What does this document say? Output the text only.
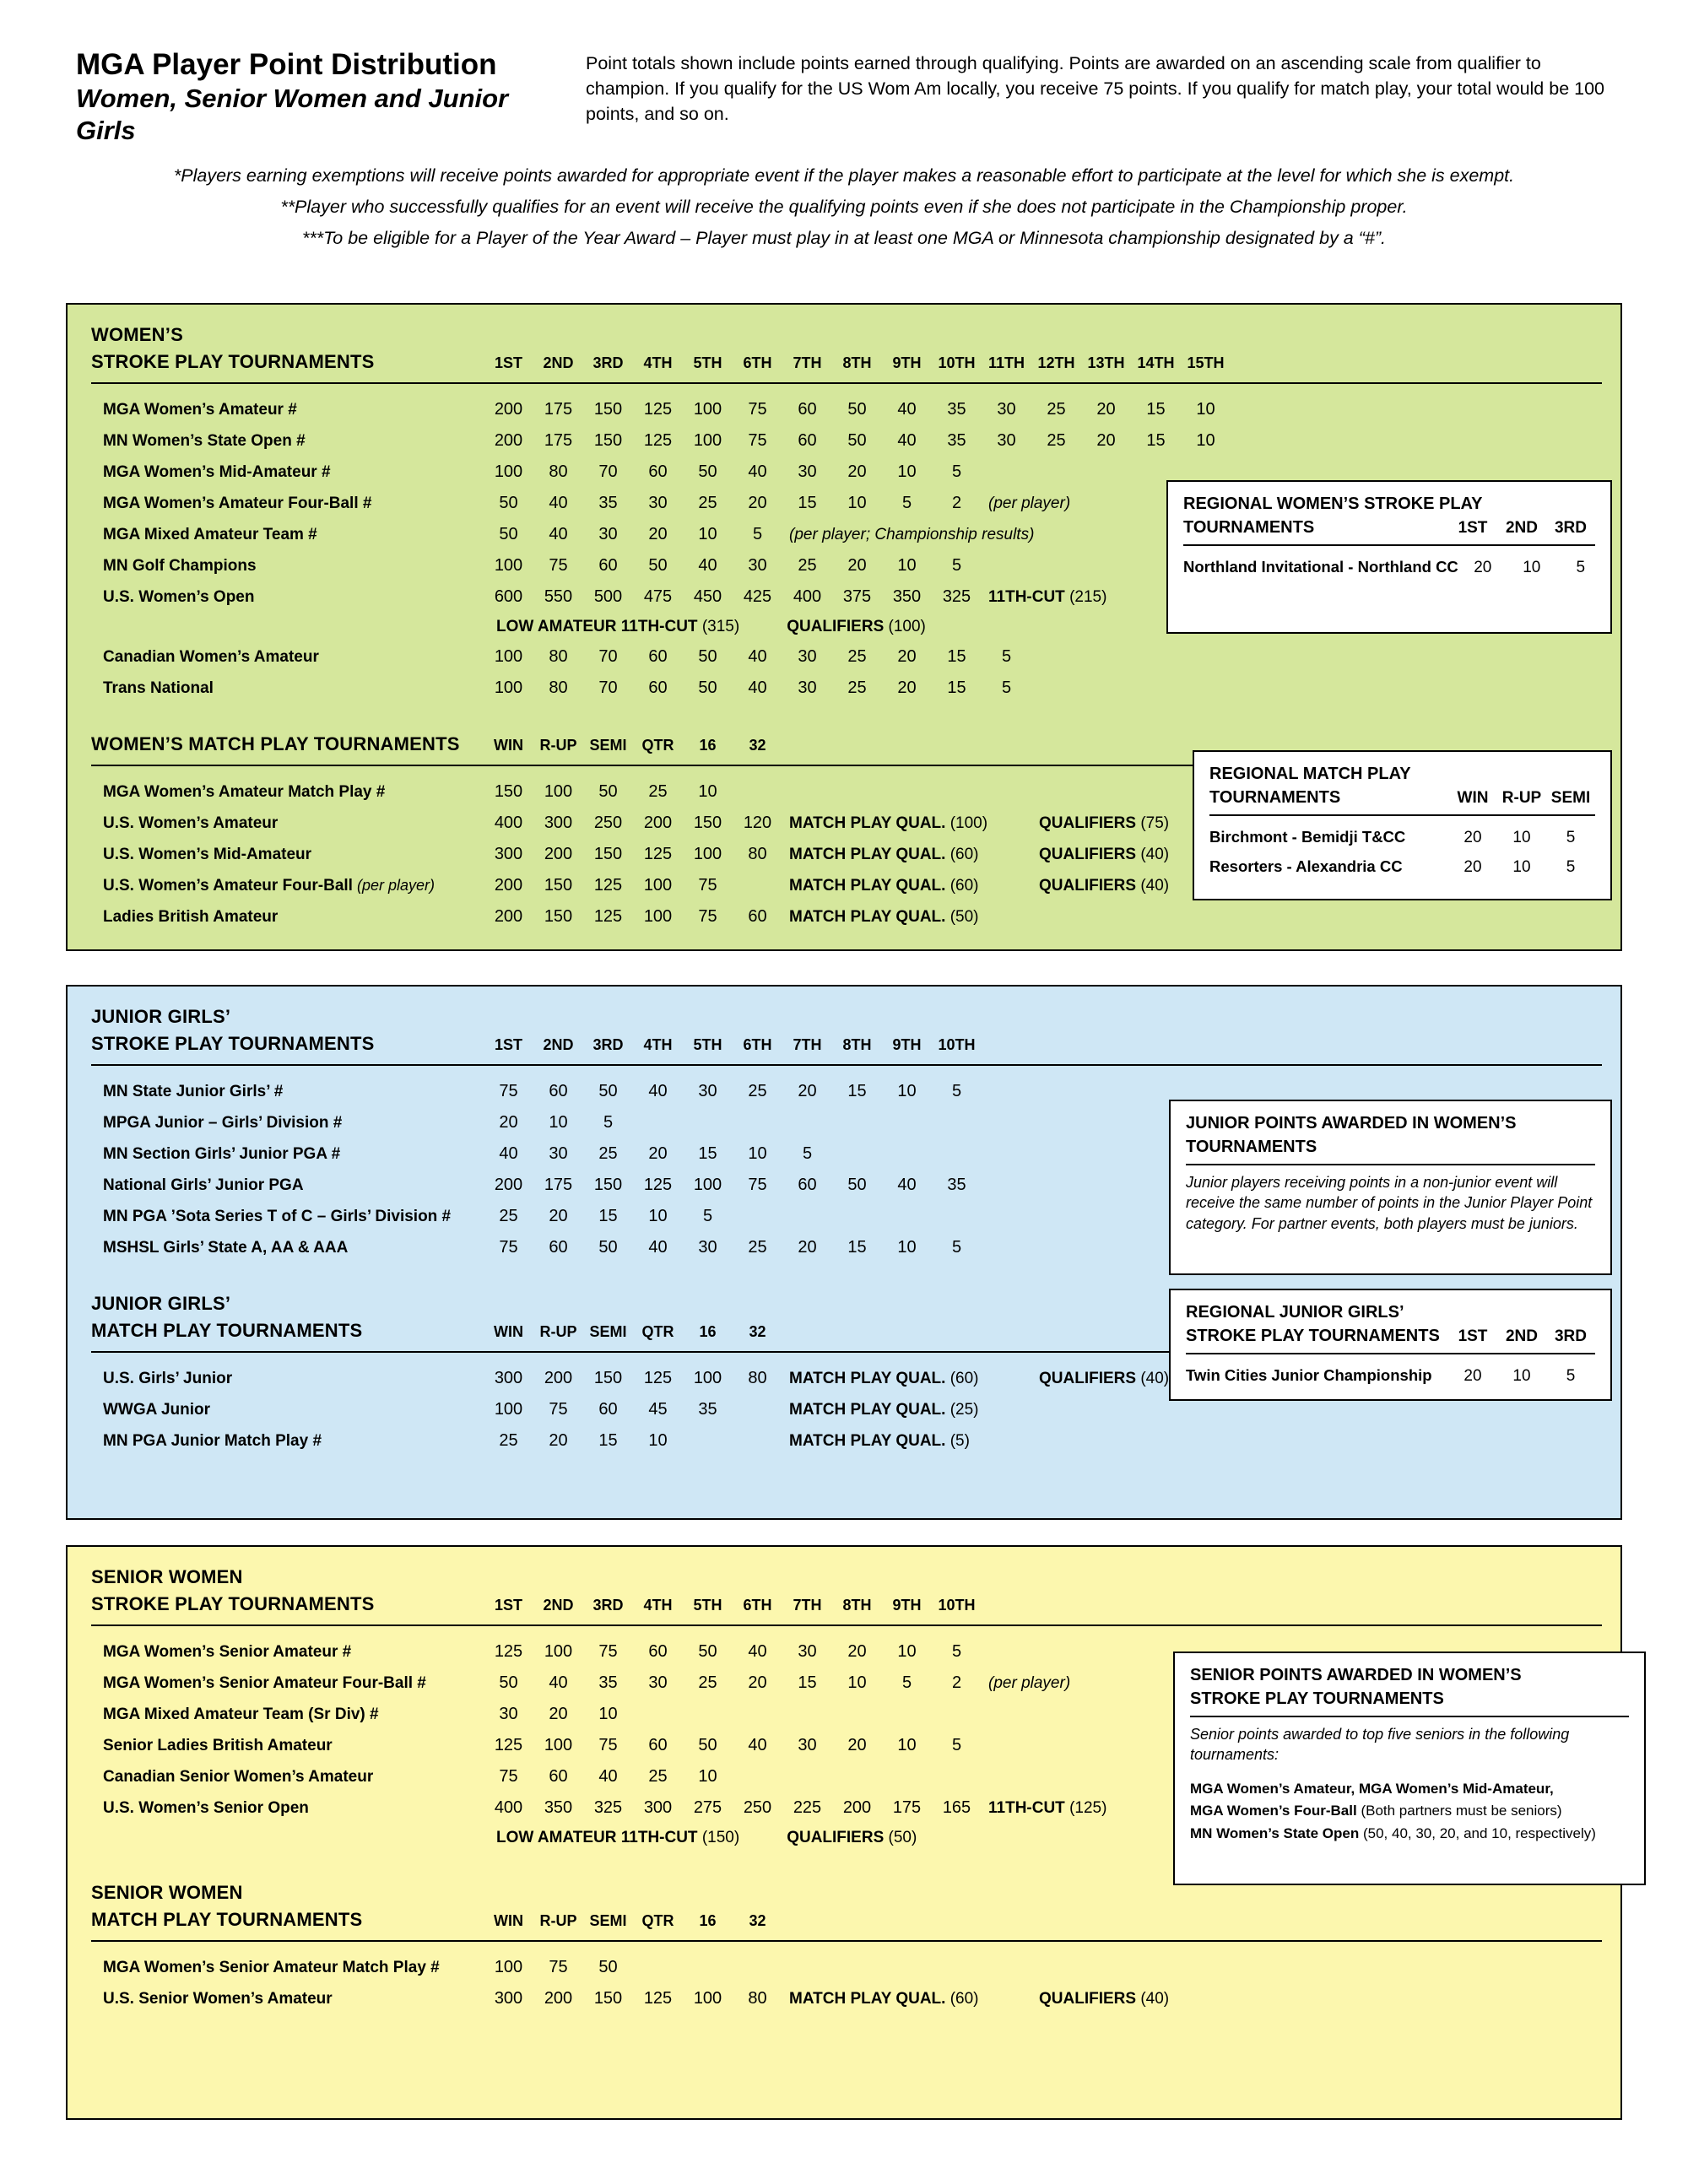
MGA Player Point Distribution
Women, Senior Women and Junior Girls
Point totals shown include points earned through qualifying. Points are awarded on an ascending scale from qualifier to champion. If you qualify for the US Wom Am locally, you receive 75 points. If you qualify for match play, your total would be 100 points, and so on.
*Players earning exemptions will receive points awarded for appropriate event if the player makes a reasonable effort to participate at the level for which she is exempt.
**Player who successfully qualifies for an event will receive the qualifying points even if she does not participate in the Championship proper.
***To be eligible for a Player of the Year Award – Player must play in at least one MGA or Minnesota championship designated by a “#”.
WOMEN’S
STROKE PLAY TOURNAMENTS	1ST	2ND	3RD	4TH	5TH	6TH	7TH	8TH	9TH	10TH 11TH 12TH 13TH 14TH 15TH
MGA Women’s Amateur #	200	175	150	125	100	75	60	50	40	35	30	25	20	15	10
MN Women’s State Open #	200	175	150	125	100	75	60	50	40	35	30	25	20	15	10
MGA Women’s Mid-Amateur #	100	80	70	60	50	40	30	20	10	5
MGA Women’s Amateur Four-Ball #	50	40	35	30	25	20	15	10	5	2	(per player)
MGA Mixed Amateur Team #	50	40	30	20	10	5	(per player; Championship results)
MN Golf Champions	100	75	60	50	40	30	25	20	10	5
U.S. Women’s Open	600	550	500	475	450	425	400	375	350	325	11TH-CUT (215)
LOW AMATEUR 11TH-CUT (315)	QUALIFIERS (100)
Canadian Women’s Amateur	100	80	70	60	50	40	30	25	20	15	5
Trans National	100	80	70	60	50	40	30	25	20	15	5
WOMEN’S MATCH PLAY TOURNAMENTS	WIN	R-UP SEMI	QTR	16	32
MGA Women’s Amateur Match Play #	150	100	50	25	10
U.S. Women’s Amateur	400	300	250	200	150	120	MATCH PLAY QUAL. (100)	QUALIFIERS (75)
U.S. Women’s Mid-Amateur	300	200	150	125	100	80	MATCH PLAY QUAL. (60)	QUALIFIERS (40)
U.S. Women’s Amateur Four-Ball (per player)	200	150	125	100	75	MATCH PLAY QUAL. (60)	QUALIFIERS (40)
Ladies British Amateur	200	150	125	100	75	60	MATCH PLAY QUAL. (50)
REGIONAL WOMEN’S STROKE PLAY
TOURNAMENTS	1ST	2ND	3RD
Northland Invitational - Northland CC 20	10	5
REGIONAL MATCH PLAY
TOURNAMENTS	WIN R-UP SEMI
Birchmont - Bemidji T&CC	20	10	5
Resorters - Alexandria CC	20	10	5
JUNIOR GIRLS’
STROKE PLAY TOURNAMENTS	1ST	2ND	3RD	4TH	5TH	6TH	7TH	8TH	9TH	10TH
MN State Junior Girls’ #	75	60	50	40	30	25	20	15	10	5
MPGA Junior – Girls’ Division #	20	10	5
MN Section Girls’ Junior PGA #	40	30	25	20	15	10	5
National Girls’ Junior PGA	200	175	150	125	100	75	60	50	40	35
MN PGA ’Sota Series T of C – Girls’ Division #	25	20	15	10	5
MSHSL Girls’ State A, AA & AAA	75	60	50	40	30	25	20	15	10	5
JUNIOR GIRLS’
MATCH PLAY TOURNAMENTS	WIN	R-UP SEMI	QTR	16	32
U.S. Girls’ Junior	300	200	150	125	100	80	MATCH PLAY QUAL. (60)	QUALIFIERS (40)
WWGA Junior	100	75	60	45	35	MATCH PLAY QUAL. (25)
MN PGA Junior Match Play #	25	20	15	10	MATCH PLAY QUAL. (5)
JUNIOR POINTS AWARDED IN WOMEN’S
TOURNAMENTS
Junior players receiving points in a non-junior event will receive the same number of points in the Junior Player Point category. For partner events, both players must be juniors.
REGIONAL JUNIOR GIRLS’
STROKE PLAY TOURNAMENTS	1ST	2ND	3RD
Twin Cities Junior Championship	20	10	5
SENIOR WOMEN
STROKE PLAY TOURNAMENTS	1ST	2ND	3RD	4TH	5TH	6TH	7TH	8TH	9TH	10TH
MGA Women’s Senior Amateur #	125	100	75	60	50	40	30	20	10	5
MGA Women’s Senior Amateur Four-Ball #	50	40	35	30	25	20	15	10	5	2	(per player)
MGA Mixed Amateur Team (Sr Div) #	30	20	10
Senior Ladies British Amateur	125	100	75	60	50	40	30	20	10	5
Canadian Senior Women’s Amateur	75	60	40	25	10
U.S. Women’s Senior Open	400	350	325	300	275	250	225	200	175	165	11TH-CUT (125)
LOW AMATEUR 11TH-CUT (150)	QUALIFIERS (50)
SENIOR WOMEN
MATCH PLAY TOURNAMENTS	WIN	R-UP SEMI	QTR	16	32
MGA Women’s Senior Amateur Match Play #	100	75	50
U.S. Senior Women’s Amateur	300	200	150	125	100	80	MATCH PLAY QUAL. (60)	QUALIFIERS (40)
SENIOR POINTS AWARDED IN WOMEN’S
STROKE PLAY TOURNAMENTS
Senior points awarded to top five seniors in the following tournaments:
MGA Women’s Amateur, MGA Women’s Mid-Amateur,
MGA Women’s Four-Ball (Both partners must be seniors)
MN Women’s State Open (50, 40, 30, 20, and 10, respectively)
